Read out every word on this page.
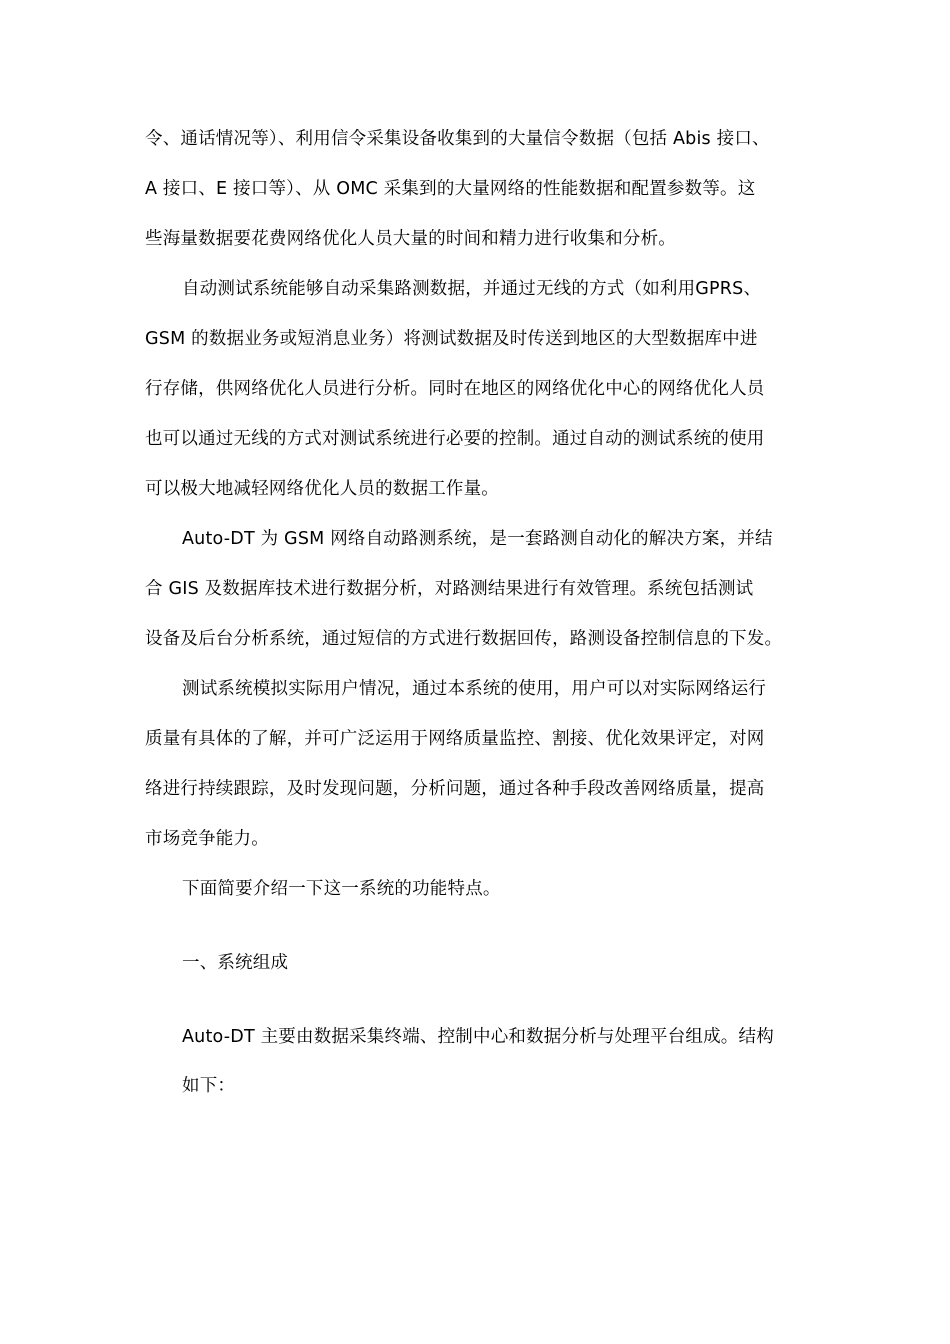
令、通话情况等）、利用信令采集设备收集到的大量信令数据（包括 Abis 接口、
A 接口、E 接口等）、从 OMC 采集到的大量网络的性能数据和配置参数等。这
些海量数据要花费网络优化人员大量的时间和精力进行收集和分析。
自动测试系统能够自动采集路测数据，并通过无线的方式（如利用GPRS、
GSM 的数据业务或短消息业务）将测试数据及时传送到地区的大型数据库中进
行存储，供网络优化人员进行分析。同时在地区的网络优化中心的网络优化人员
也可以通过无线的方式对测试系统进行必要的控制。通过自动的测试系统的使用
可以极大地减轻网络优化人员的数据工作量。
Auto-DT 为 GSM 网络自动路测系统，是一套路测自动化的解决方案，并结
合 GIS 及数据库技术进行数据分析，对路测结果进行有效管理。系统包括测试
设备及后台分析系统，通过短信的方式进行数据回传，路测设备控制信息的下发。
测试系统模拟实际用户情况，通过本系统的使用，用户可以对实际网络运行
质量有具体的了解，并可广泛运用于网络质量监控、割接、优化效果评定，对网
络进行持续跟踪，及时发现问题，分析问题，通过各种手段改善网络质量，提高
市场竞争能力。
下面简要介绍一下这一系统的功能特点。
一、系统组成
Auto-DT 主要由数据采集终端、控制中心和数据分析与处理平台组成。结构
如下：
